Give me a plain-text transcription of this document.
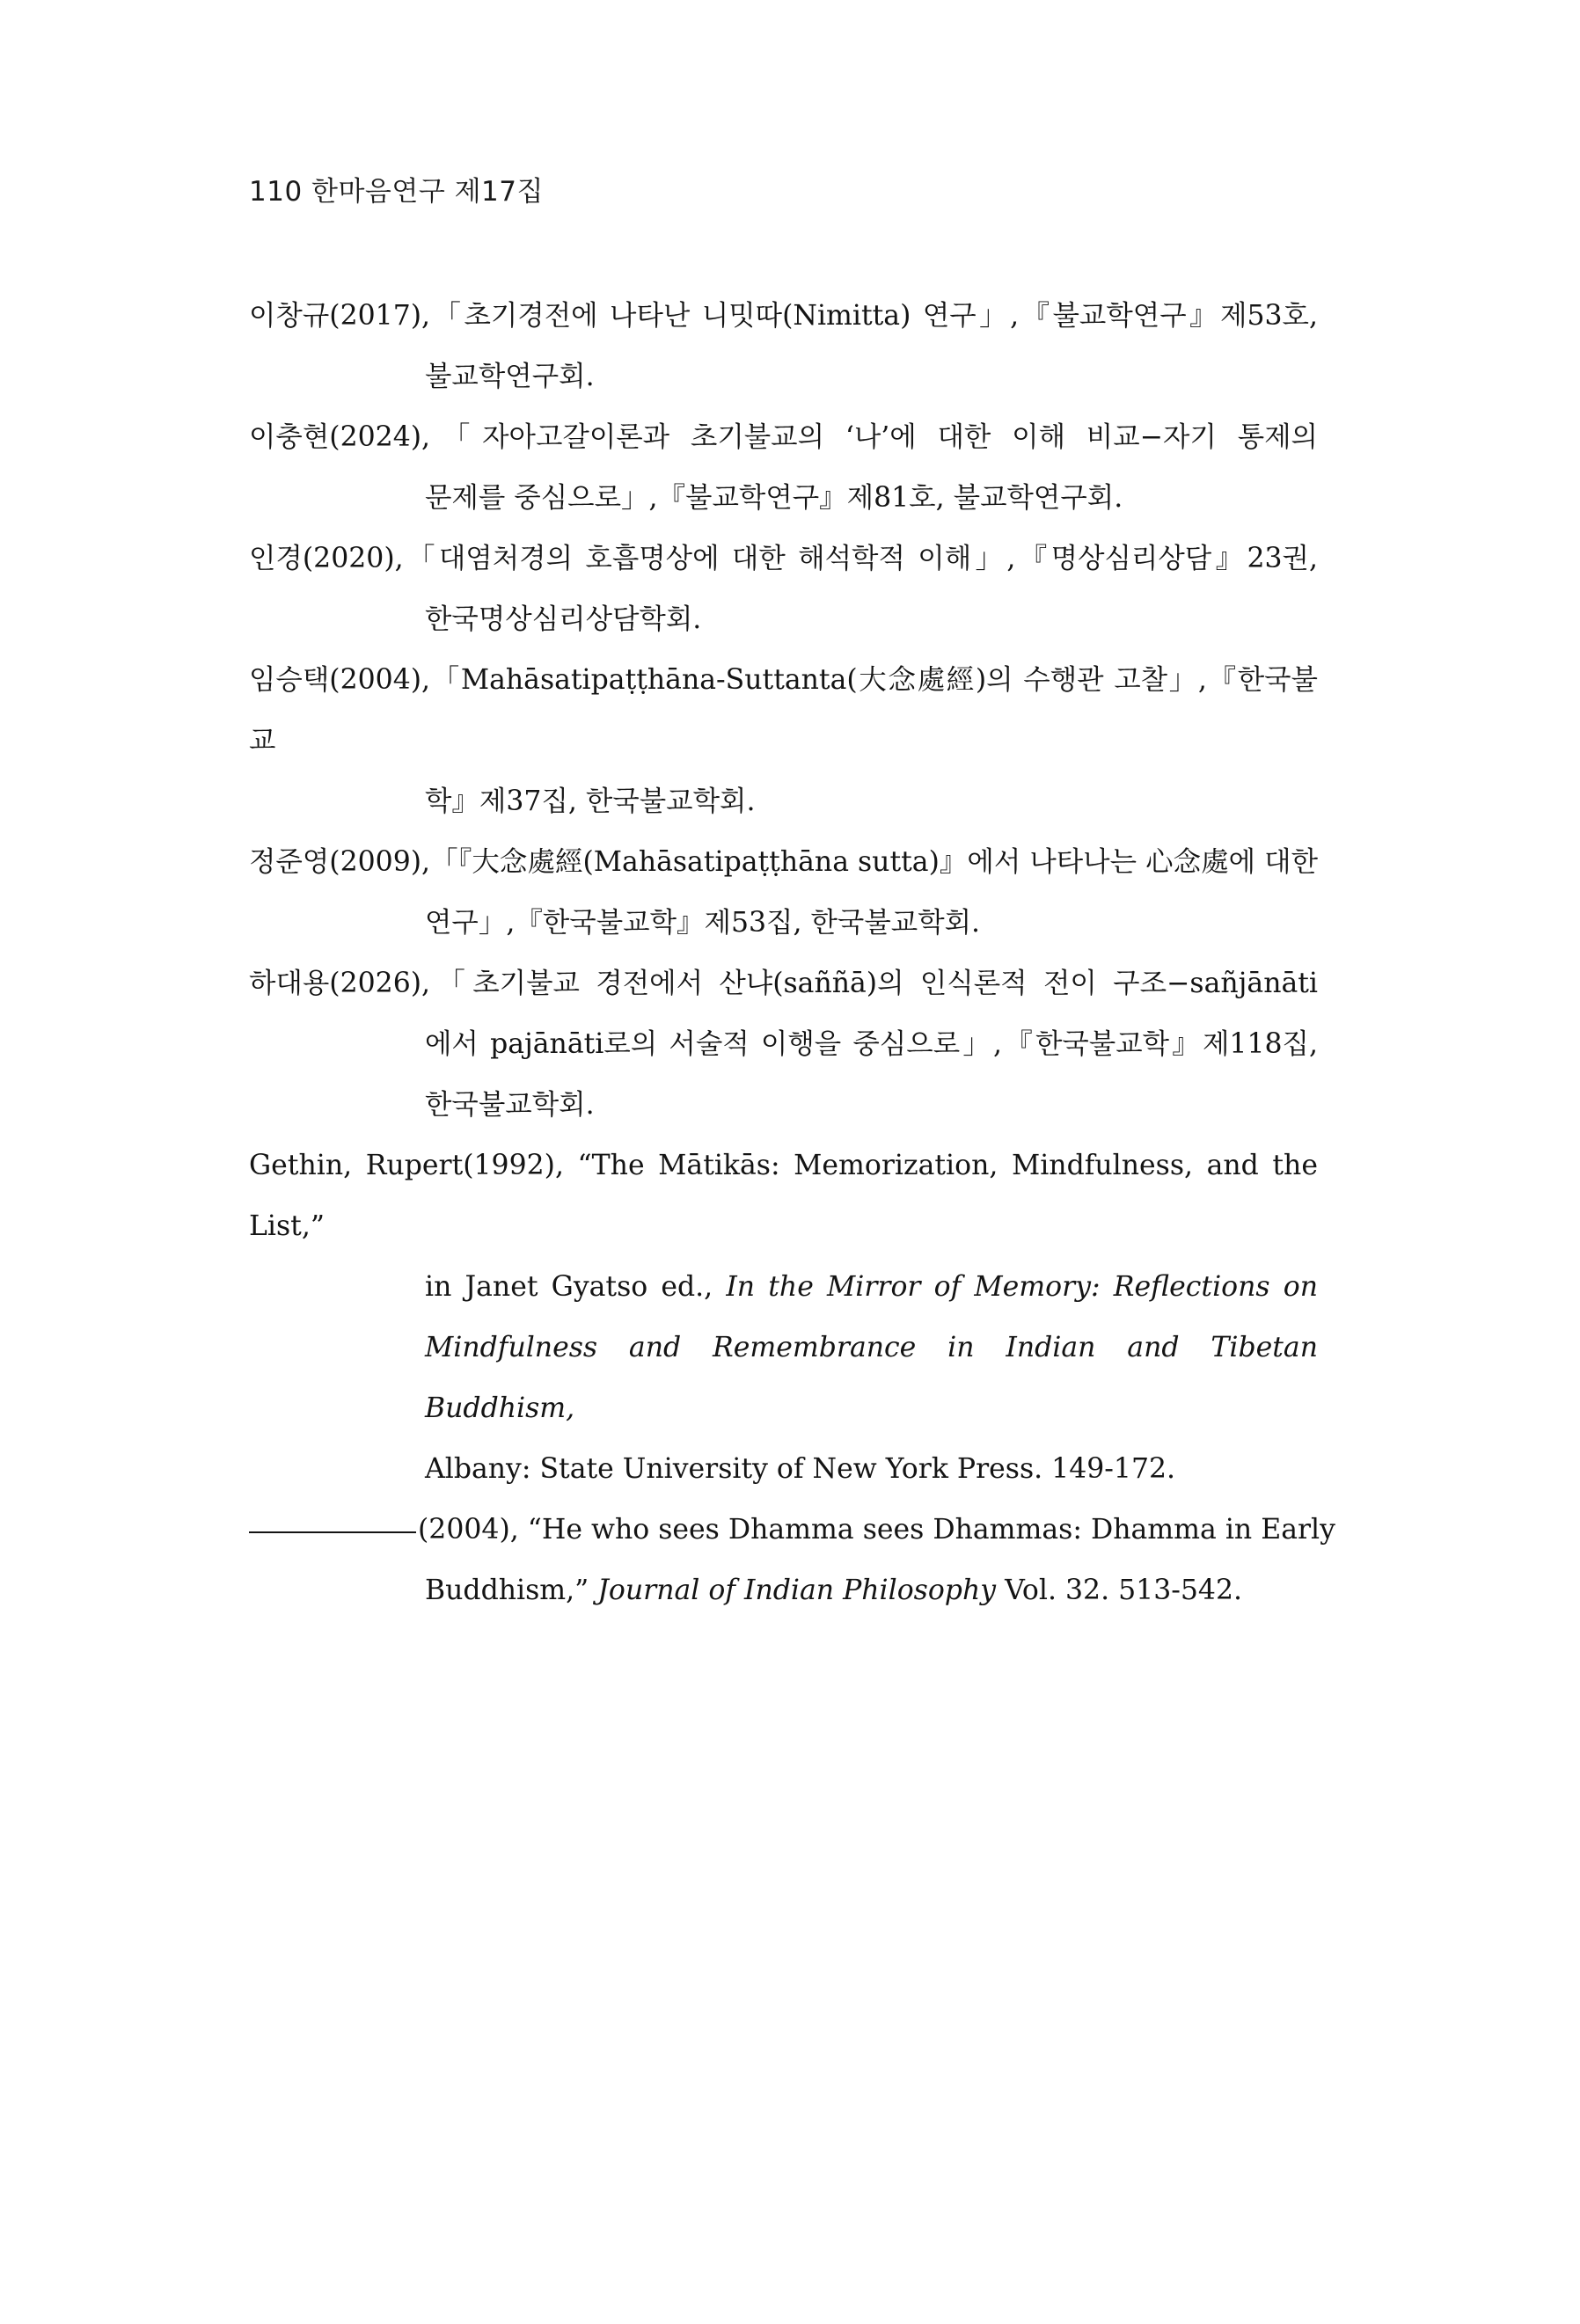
110 한마음연구 제17집
이창규(2017),「초기경전에 나타난 니밋따(Nimitta) 연구」,『불교학연구』제53호,
불교학연구회.
이충현(2024),「자아고갈이론과 초기불교의 ‘나’에 대한 이해 비교−자기 통제의
문제를 중심으로」,『불교학연구』제81호, 불교학연구회.
인경(2020),「대염처경의 호흡명상에 대한 해석학적 이해」,『명상심리상담』23권,
한국명상심리상담학회.
임승택(2004),「Mahāsatipaṭṭhāna-Suttanta(大念處經)의 수행관 고찰」,『한국불교
학』제37집, 한국불교학회.
정준영(2009),「『大念處經(Mahāsatipaṭṭhāna sutta)』에서 나타나는 心念處에 대한
연구」,『한국불교학』제53집, 한국불교학회.
하대용(2026),「초기불교 경전에서 산냐(saññā)의 인식론적 전이 구조−sañjānāti
에서 pajānāti로의 서술적 이행을 중심으로」,『한국불교학』제118집,
한국불교학회.
Gethin, Rupert(1992), “The Mātikās: Memorization, Mindfulness, and the List,”
in Janet Gyatso ed., In the Mirror of Memory: Reflections on
Mindfulness and Remembrance in Indian and Tibetan Buddhism,
Albany: State University of New York Press. 149-172.
(2004), “He who sees Dhamma sees Dhammas: Dhamma in Early
Buddhism,” Journal of Indian Philosophy Vol. 32. 513-542.
